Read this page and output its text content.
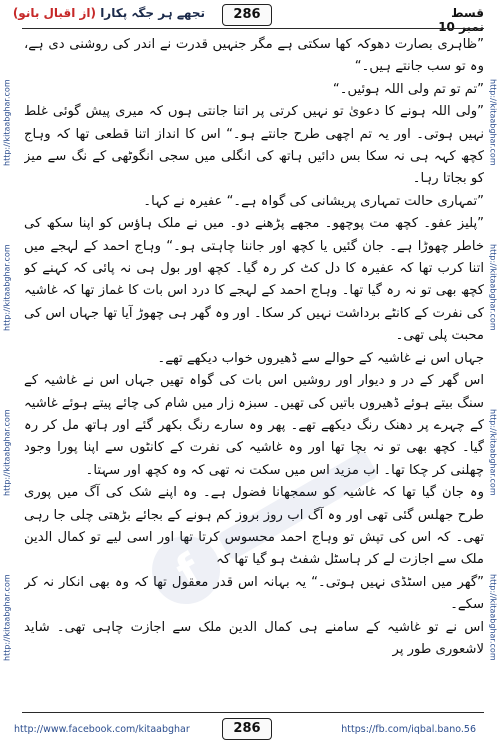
تجھے ہر جگہ پکارا (از اقبال بانو)	286	قسط نمبر 10

”ظاہری بصارت دھوکہ کھا سکتی ہے مگر جنہیں قدرت نے اندر کی روشنی دی ہے، وہ تو سب جانتے ہیں۔“

”تم تو تم ولی اللہ ہوئیں۔“

”ولی اللہ ہونے کا دعویٰ تو نہیں کرتی پر اتنا جانتی ہوں کہ میری پیش گوئی غلط نہیں ہوتی۔ اور یہ تم اچھی طرح جانتے ہو۔“ اس کا انداز اتنا قطعی تھا کہ وہاج کچھ کہہ ہی نہ سکا بس دائیں ہاتھ کی انگلی میں سجی انگوٹھی کے نگ سے میز کو بجاتا رہا۔

”تمہاری حالت تمہاری پریشانی کی گواہ ہے۔“ عفیرہ نے کہا۔

”پلیز عفو۔ کچھ مت پوچھو۔ مجھے پڑھنے دو۔ میں نے ملک ہاؤس کو اپنا سکھ کی خاطر چھوڑا ہے۔ جان گئیں یا کچھ اور جاننا چاہتی ہو۔“ وہاج احمد کے لہجے میں اتنا کرب تھا کہ عفیرہ کا دل کٹ کر رہ گیا۔ کچھ اور بول ہی نہ پائی کہ کہنے کو کچھ بھی تو نہ رہ گیا تھا۔ وہاج احمد کے لہجے کا درد اس بات کا غماز تھا کہ غاشیہ کی نفرت کے کانٹے برداشت نہیں کر سکا۔ اور وہ گھر ہی چھوڑ آیا تھا جہاں اس کی محبت پلی تھی۔

جہاں اس نے غاشیہ کے حوالے سے ڈھیروں خواب دیکھے تھے۔

اس گھر کے در و دیوار اور روشیں اس بات کی گواہ تھیں جہاں اس نے غاشیہ کے سنگ بیتے ہوئے ڈھیروں باتیں کی تھیں۔ سبزہ زار میں شام کی چائے پیتے ہوئے غاشیہ کے چہرے پر دھنک رنگ دیکھے تھے۔ پھر وہ سارے رنگ بکھر گئے اور ہاتھ مل کر رہ گیا۔ کچھ بھی تو نہ بچا تھا اور وہ غاشیہ کی نفرت کے کانٹوں سے اپنا پورا وجود چھلنی کر چکا تھا۔ اب مزید اس میں سکت نہ تھی کہ وہ کچھ اور سہتا۔

وہ جان گیا تھا کہ غاشیہ کو سمجھانا فضول ہے۔ وہ اپنے شک کی آگ میں پوری طرح جھلس گئی تھی اور وہ آگ اب روز بروز کم ہونے کے بجائے بڑھتی چلی جا رہی تھی۔ کہ اس کی تپش تو وہاج احمد محسوس کرتا تھا اور اسی لیے تو کمال الدین ملک سے اجازت لے کر ہاسٹل شفٹ ہو گیا تھا کہ

”گھر میں اسٹڈی نہیں ہوتی۔“ یہ بہانہ اس قدر معقول تھا کہ وہ بھی انکار نہ کر سکے۔

اس نے تو غاشیہ کے سامنے ہی کمال الدین ملک سے اجازت چاہی تھی۔ شاید لاشعوری طور پر

f
http://kitaabghar.com
http://kitaabghar.com
http://kitaabghar.com
http://kitaabghar.com	http://kitaabghar.com
http://kitaabghar.com
http://kitaabghar.com
http://kitaabghar.com
http://www.facebook.com/kitaabghar	286	https://fb.com/iqbal.bano.56
